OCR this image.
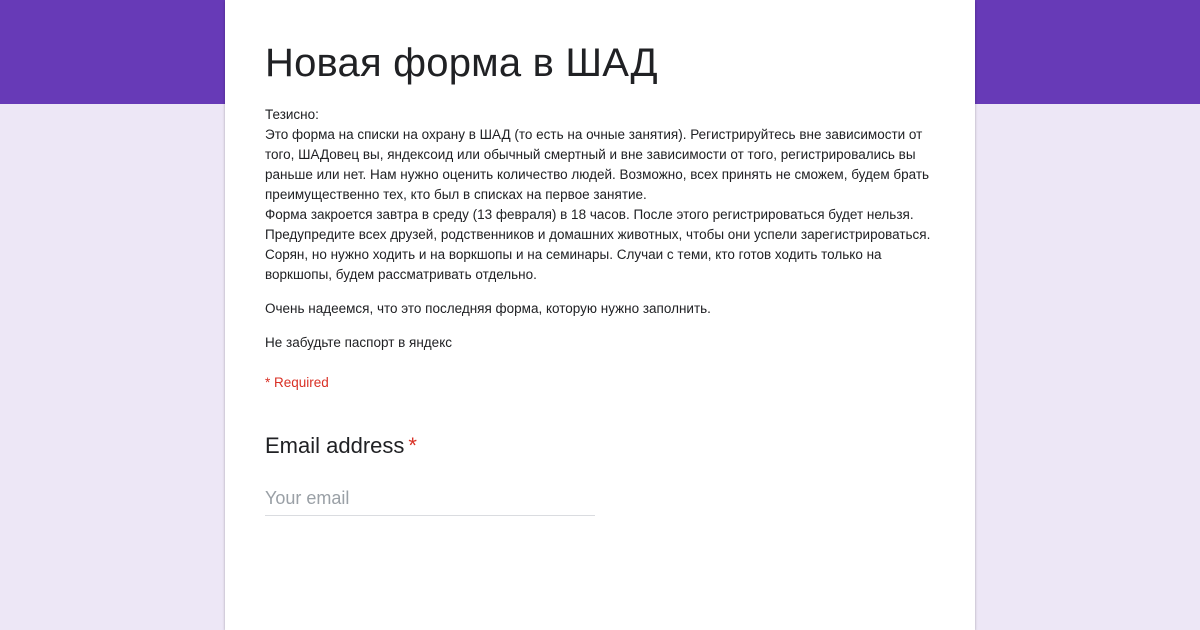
Новая форма в ШАД

Тезисно:
Это форма на списки на охрану в ШАД (то есть на очные занятия). Регистрируйтесь вне зависимости от того, ШАДовец вы, яндексоид или обычный смертный и вне зависимости от того, регистрировались вы раньше или нет. Нам нужно оценить количество людей. Возможно, всех принять не сможем, будем брать преимущественно тех, кто был в списках на первое занятие.
Форма закроется завтра в среду (13 февраля) в 18 часов. После этого регистрироваться будет нельзя. Предупредите всех друзей, родственников и домашних животных, чтобы они успели зарегистрироваться.
Сорян, но нужно ходить и на воркшопы и на семинары. Случаи с теми, кто готов ходить только на воркшопы, будем рассматривать отдельно.

Очень надеемся, что это последняя форма, которую нужно заполнить.

Не забудьте паспорт в яндекс

* Required
Email address *
Your email
